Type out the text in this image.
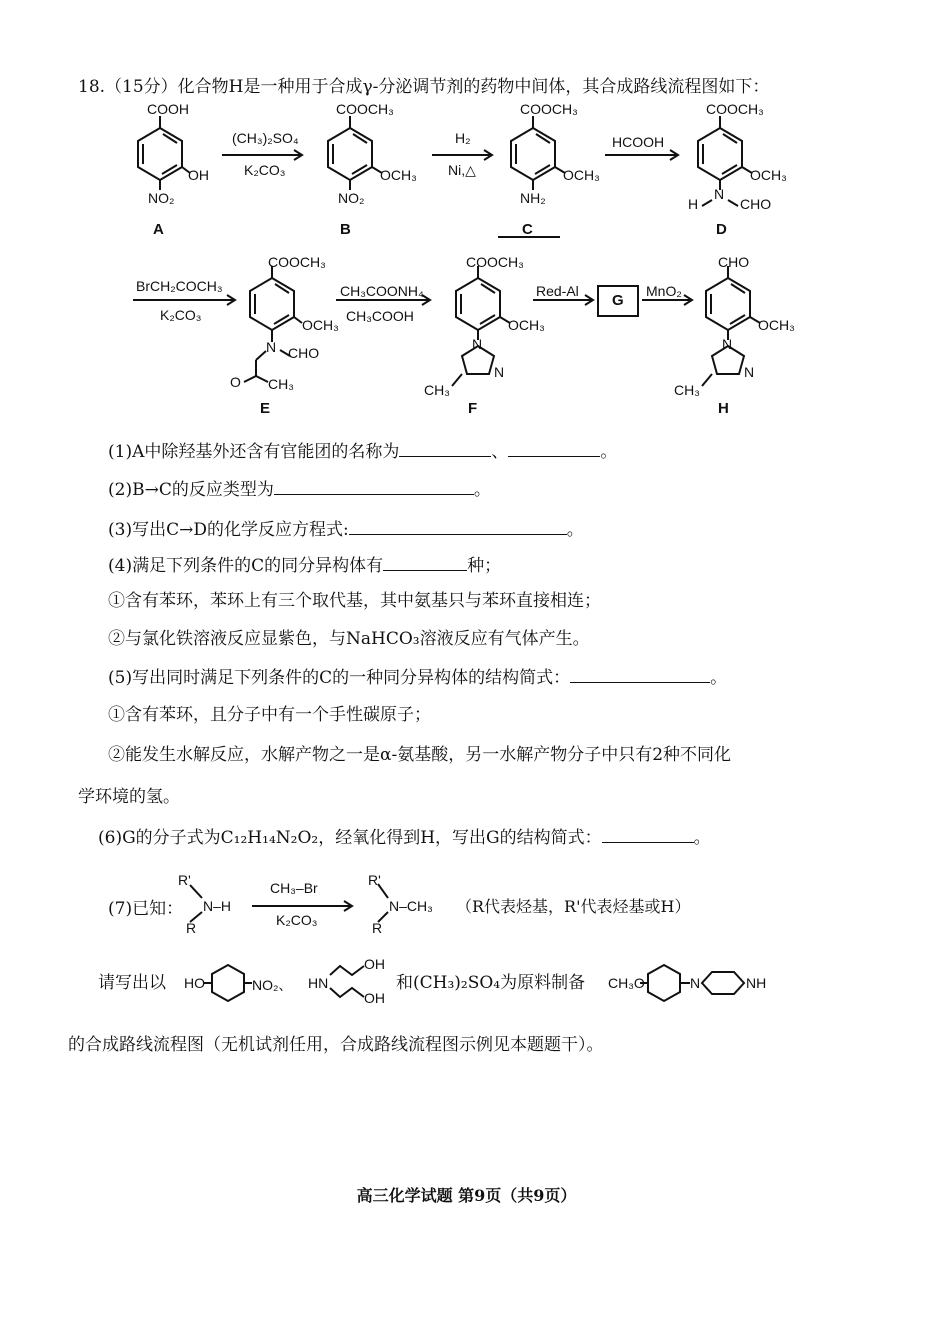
18.（15分）化合物H是一种用于合成γ-分泌调节剂的药物中间体，其合成路线流程图如下：
COOH
OH
NO₂
A
(CH₃)₂SO₄
K₂CO₃
COOCH₃
OCH₃
NO₂
B
H₂
Ni,△
COOCH₃
OCH₃
NH₂
C
HCOOH
COOCH₃
OCH₃
N
H	CHO
D
BrCH₂COCH₃
K₂CO₃
COOCH₃
OCH₃
N CHO
O CH₃
E
CH₃COONH₄
CH₃COOH
COOCH₃
OCH₃
N
N
CH₃
F
Red-Al
G
MnO₂
CHO
OCH₃
N
N
CH₃
H
(1)A中除羟基外还含有官能团的名称为	、	。
(2)B→C的反应类型为	。
(3)写出C→D的化学反应方程式:	。
(4)满足下列条件的C的同分异构体有	种；
①含有苯环，苯环上有三个取代基，其中氨基只与苯环直接相连；
②与氯化铁溶液反应显紫色，与NaHCO₃溶液反应有气体产生。
(5)写出同时满足下列条件的C的一种同分异构体的结构简式：	。
①含有苯环，且分子中有一个手性碳原子；
②能发生水解反应，水解产物之一是α-氨基酸，另一水解产物分子中只有2种不同化
学环境的氢。
(6)G的分子式为C₁₂H₁₄N₂O₂，经氧化得到H，写出G的结构简式：	。
(7)已知：
R'
R
N–H
CH₃–Br
K₂CO₃
R'
R
N–CH₃ （R代表烃基，R'代表烃基或H）
请写出以 HO	NO₂、 HN
OH
OH
和(CH₃)₂SO₄为原料制备 CH₃O	N	NH
的合成路线流程图（无机试剂任用，合成路线流程图示例见本题题干）。
高三化学试题 第9页（共9页）
